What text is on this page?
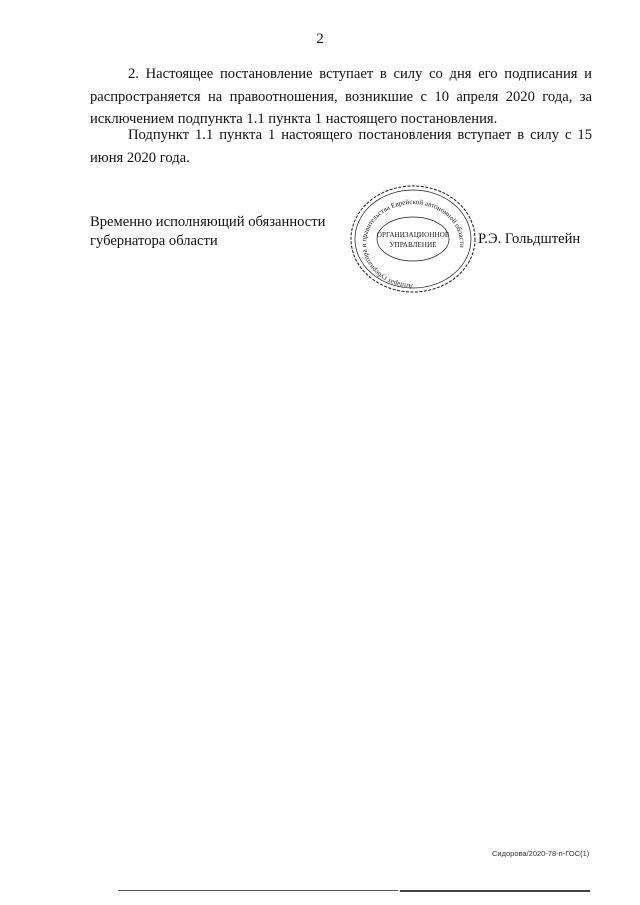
2

2. Настоящее постановление вступает в силу со дня его подписания и распространяется на правоотношения, возникшие с 10 апреля 2020 года, за исключением подпункта 1.1 пункта 1 настоящего постановления.

Подпункт 1.1 пункта 1 настоящего постановления вступает в силу с 15 июня 2020 года.

Временно исполняющий обязанности
губернатора области

Аппарат губернатора и правительства Еврейской автономной области
ОРГАНИЗАЦИОННОЕ
УПРАВЛЕНИЕ	Р.Э. Гольдштейн
Сидорова/2020-78-п-ГОС(1)
